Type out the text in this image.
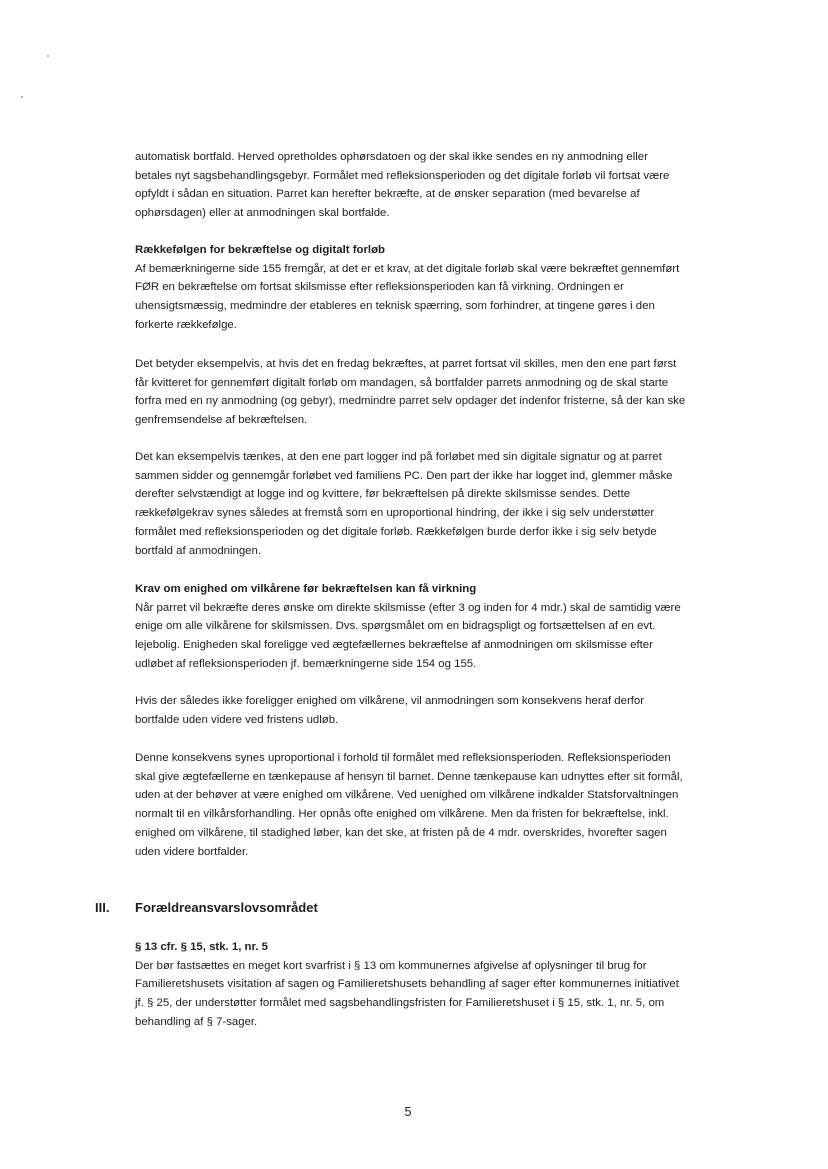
automatisk bortfald. Herved opretholdes ophørsdatoen og der skal ikke sendes en ny anmodning eller
betales nyt sagsbehandlingsgebyr. Formålet med refleksionsperioden og det digitale forløb vil fortsat være
opfyldt i sådan en situation. Parret kan herefter bekræfte, at de ønsker separation (med bevarelse af
ophørsdagen) eller at anmodningen skal bortfalde.
Rækkefølgen for bekræftelse og digitalt forløb
Af bemærkningerne side 155 fremgår, at det er et krav, at det digitale forløb skal være bekræftet gennemført
FØR en bekræftelse om fortsat skilsmisse efter refleksionsperioden kan få virkning. Ordningen er
uhensigtsmæssig, medmindre der etableres en teknisk spærring, som forhindrer, at tingene gøres i den
forkerte rækkefølge.
Det betyder eksempelvis, at hvis det en fredag bekræftes, at parret fortsat vil skilles, men den ene part først
får kvitteret for gennemført digitalt forløb om mandagen, så bortfalder parrets anmodning og de skal starte
forfra med en ny anmodning (og gebyr), medmindre parret selv opdager det indenfor fristerne, så der kan ske
genfremsendelse af bekræftelsen.
Det kan eksempelvis tænkes, at den ene part logger ind på forløbet med sin digitale signatur og at parret
sammen sidder og gennemgår forløbet ved familiens PC. Den part der ikke har logget ind, glemmer måske
derefter selvstændigt at logge ind og kvittere, før bekræftelsen på direkte skilsmisse sendes. Dette
rækkefølgekrav synes således at fremstå som en uproportional hindring, der ikke i sig selv understøtter
formålet med refleksionsperioden og det digitale forløb. Rækkefølgen burde derfor ikke i sig selv betyde
bortfald af anmodningen.
Krav om enighed om vilkårene før bekræftelsen kan få virkning
Når parret vil bekræfte deres ønske om direkte skilsmisse (efter 3 og inden for 4 mdr.) skal de samtidig være
enige om alle vilkårene for skilsmissen. Dvs. spørgsmålet om en bidragspligt og fortsættelsen af en evt.
lejebolig. Enigheden skal foreligge ved ægtefællernes bekræftelse af anmodningen om skilsmisse efter
udløbet af refleksionsperioden jf. bemærkningerne side 154 og 155.
Hvis der således ikke foreligger enighed om vilkårene, vil anmodningen som konsekvens heraf derfor
bortfalde uden videre ved fristens udløb.
Denne konsekvens synes uproportional i forhold til formålet med refleksionsperioden. Refleksionsperioden
skal give ægtefællerne en tænkepause af hensyn til barnet. Denne tænkepause kan udnyttes efter sit formål,
uden at der behøver at være enighed om vilkårene. Ved uenighed om vilkårene indkalder Statsforvaltningen
normalt til en vilkårsforhandling. Her opnås ofte enighed om vilkårene. Men da fristen for bekræftelse, inkl.
enighed om vilkårene, til stadighed løber, kan det ske, at fristen på de 4 mdr. overskrides, hvorefter sagen
uden videre bortfalder.
III. Forældreansvarslovsområdet
§ 13 cfr. § 15, stk. 1, nr. 5
Der bør fastsættes en meget kort svarfrist i § 13 om kommunernes afgivelse af oplysninger til brug for
Familieretshusets visitation af sagen og Familieretshusets behandling af sager efter kommunernes initiativet
jf. § 25, der understøtter formålet med sagsbehandlingsfristen for Familieretshuset i § 15, stk. 1, nr. 5, om
behandling af § 7-sager.
5
